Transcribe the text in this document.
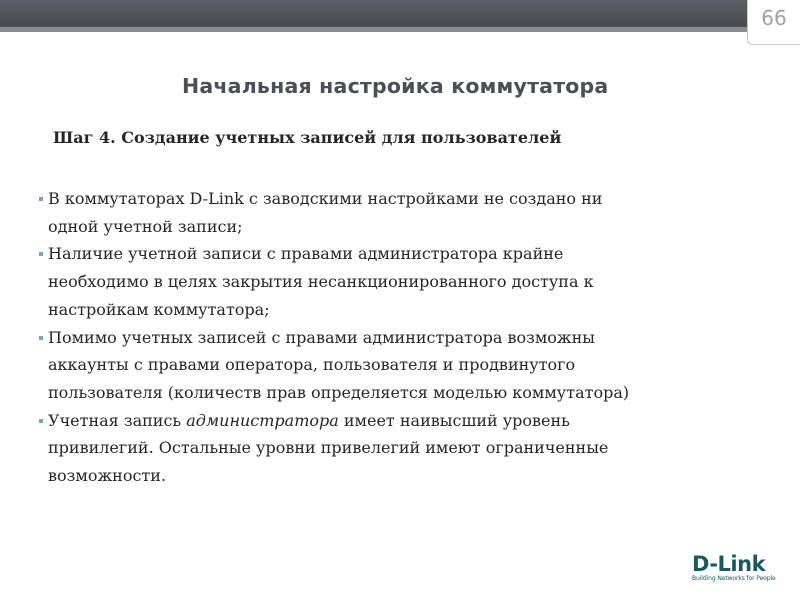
66
Начальная настройка коммутатора
Шаг 4. Создание учетных записей для пользователей
В коммутаторах D-Link с заводскими настройками не создано ни
одной учетной записи;
Наличие учетной записи с правами администратора крайне
необходимо в целях закрытия несанкционированного доступа к
настройкам коммутатора;
Помимо учетных записей с правами администратора возможны
аккаунты с правами оператора, пользователя и продвинутого
пользователя (количеств прав определяется моделью коммутатора)
Учетная запись администратора имеет наивысший уровень
привилегий. Остальные уровни привелегий имеют ограниченные
возможности.
D-Link
Building Networks for People
